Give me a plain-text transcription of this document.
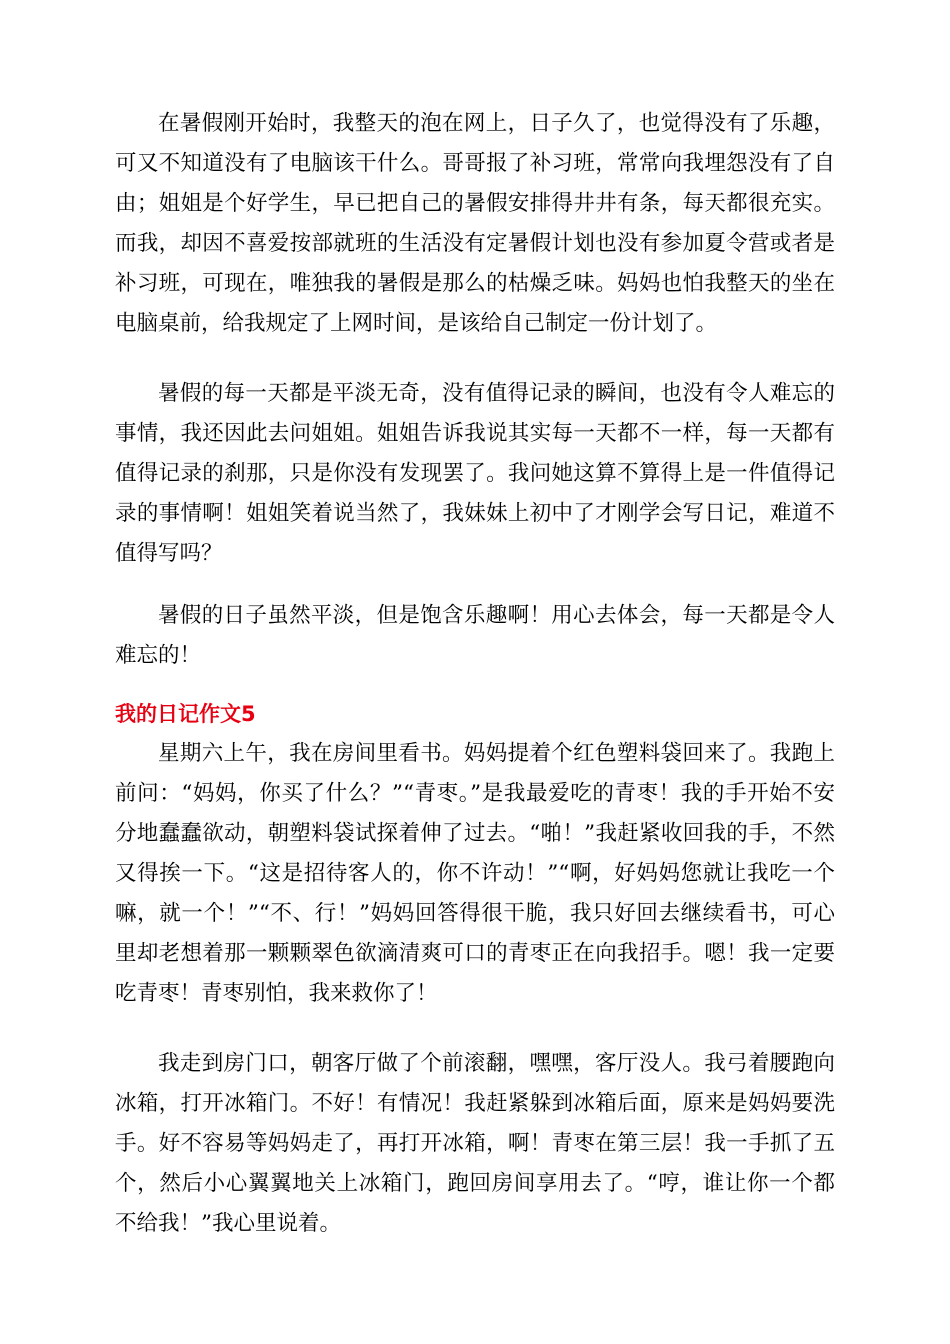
在暑假刚开始时，我整天的泡在网上，日子久了，也觉得没有了乐趣，可又不知道没有了电脑该干什么。哥哥报了补习班，常常向我埋怨没有了自由；姐姐是个好学生，早已把自己的暑假安排得井井有条，每天都很充实。而我，却因不喜爱按部就班的生活没有定暑假计划也没有参加夏令营或者是补习班，可现在，唯独我的暑假是那么的枯燥乏味。妈妈也怕我整天的坐在电脑桌前，给我规定了上网时间，是该给自己制定一份计划了。

暑假的每一天都是平淡无奇，没有值得记录的瞬间，也没有令人难忘的事情，我还因此去问姐姐。姐姐告诉我说其实每一天都不一样，每一天都有值得记录的刹那，只是你没有发现罢了。我问她这算不算得上是一件值得记录的事情啊！姐姐笑着说当然了，我妹妹上初中了才刚学会写日记，难道不值得写吗？

暑假的日子虽然平淡，但是饱含乐趣啊！用心去体会，每一天都是令人难忘的！

我的日记作文5

星期六上午，我在房间里看书。妈妈提着个红色塑料袋回来了。我跑上前问：“妈妈，你买了什么？”“青枣。”是我最爱吃的青枣！我的手开始不安分地蠢蠢欲动，朝塑料袋试探着伸了过去。“啪！”我赶紧收回我的手，不然又得挨一下。“这是招待客人的，你不许动！”“啊，好妈妈您就让我吃一个嘛，就一个！”“不、行！”妈妈回答得很干脆，我只好回去继续看书，可心里却老想着那一颗颗翠色欲滴清爽可口的青枣正在向我招手。嗯！我一定要吃青枣！青枣别怕，我来救你了！

我走到房门口，朝客厅做了个前滚翻，嘿嘿，客厅没人。我弓着腰跑向冰箱，打开冰箱门。不好！有情况！我赶紧躲到冰箱后面，原来是妈妈要洗手。好不容易等妈妈走了，再打开冰箱，啊！青枣在第三层！我一手抓了五个，然后小心翼翼地关上冰箱门，跑回房间享用去了。“哼，谁让你一个都不给我！”我心里说着。
